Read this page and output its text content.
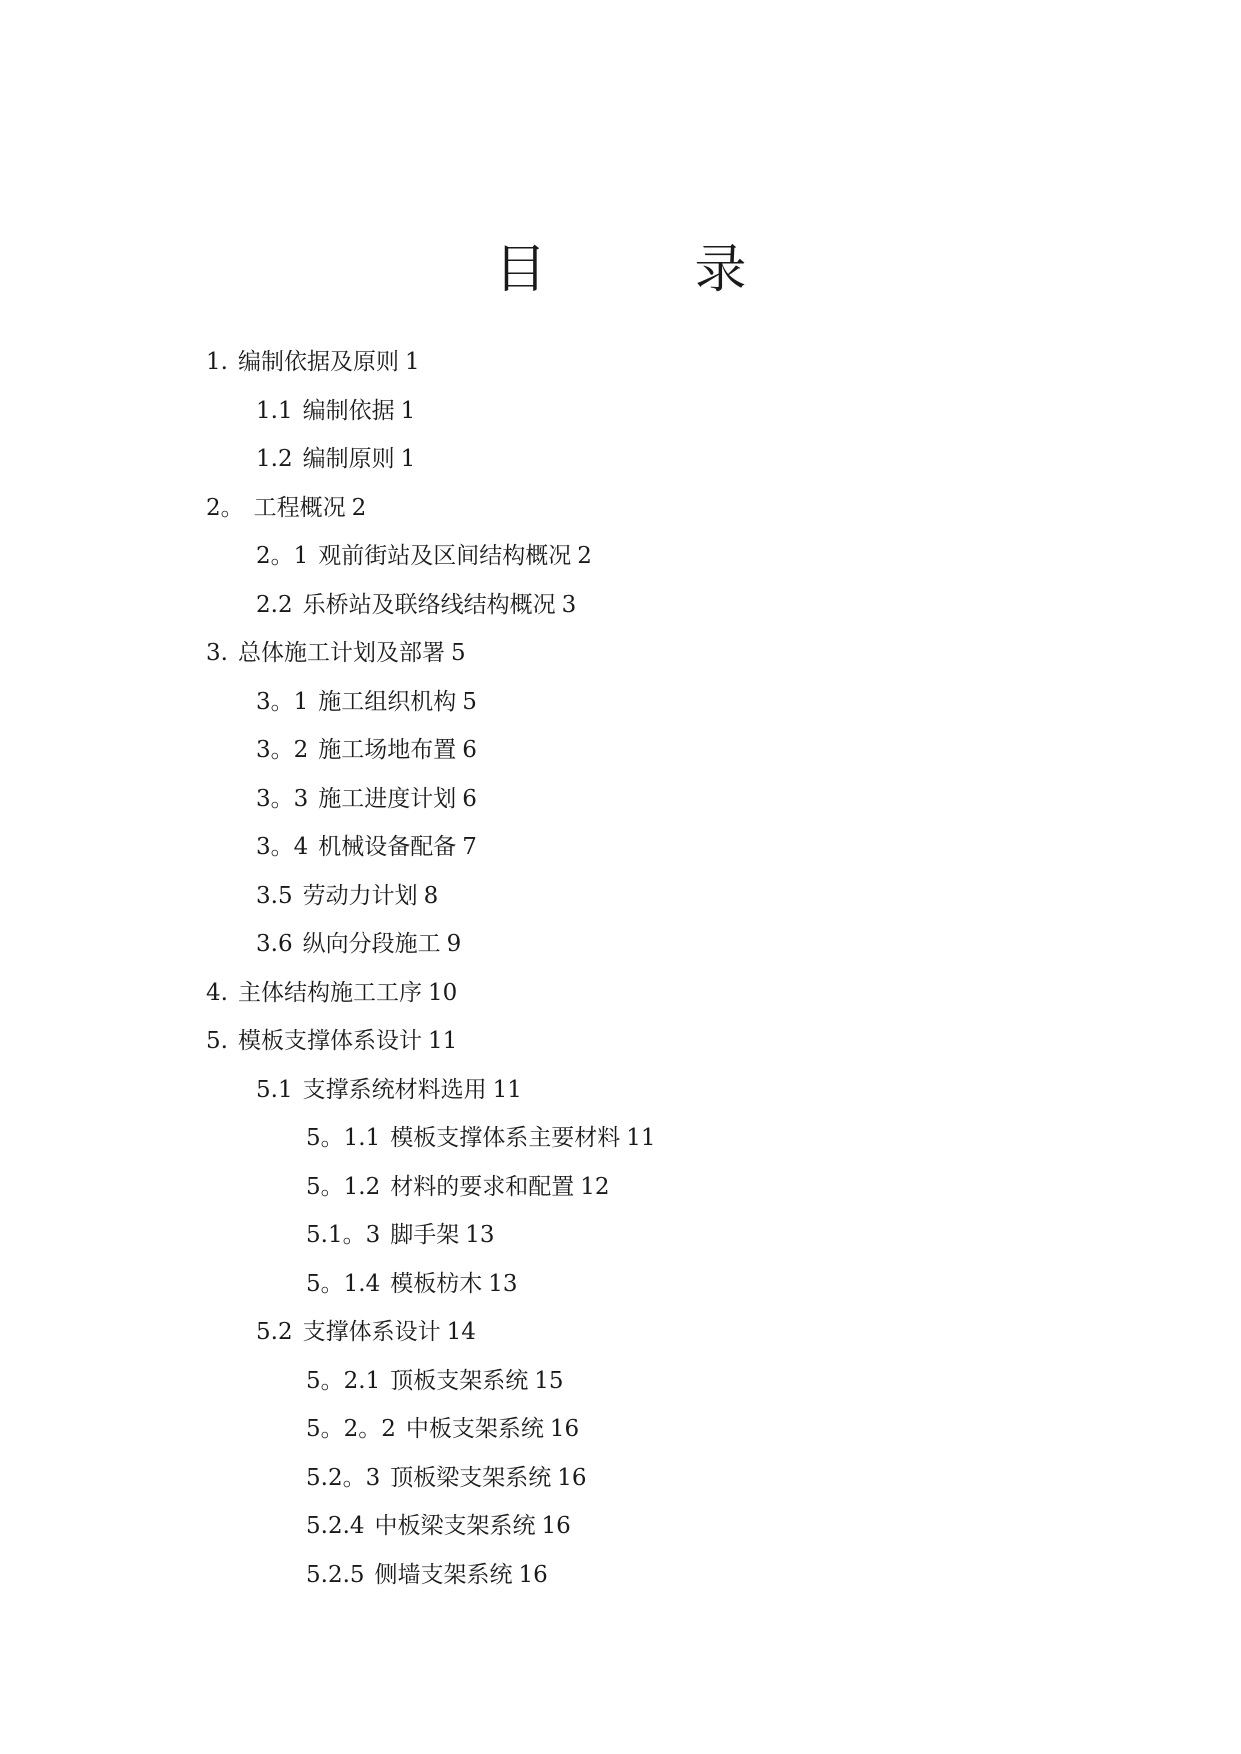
目　录
1. 编制依据及原则 1
1.1 编制依据 1
1.2 编制原则 1
2。 工程概况 2
2。1 观前街站及区间结构概况 2
2.2 乐桥站及联络线结构概况 3
3. 总体施工计划及部署 5
3。1 施工组织机构 5
3。2 施工场地布置 6
3。3 施工进度计划 6
3。4 机械设备配备 7
3.5 劳动力计划 8
3.6 纵向分段施工 9
4. 主体结构施工工序 10
5. 模板支撑体系设计 11
5.1 支撑系统材料选用 11
5。1.1 模板支撑体系主要材料 11
5。1.2 材料的要求和配置 12
5.1。3 脚手架 13
5。1.4 模板枋木 13
5.2 支撑体系设计 14
5。2.1 顶板支架系统 15
5。2。2 中板支架系统 16
5.2。3 顶板梁支架系统 16
5.2.4 中板梁支架系统 16
5.2.5 侧墙支架系统 16
